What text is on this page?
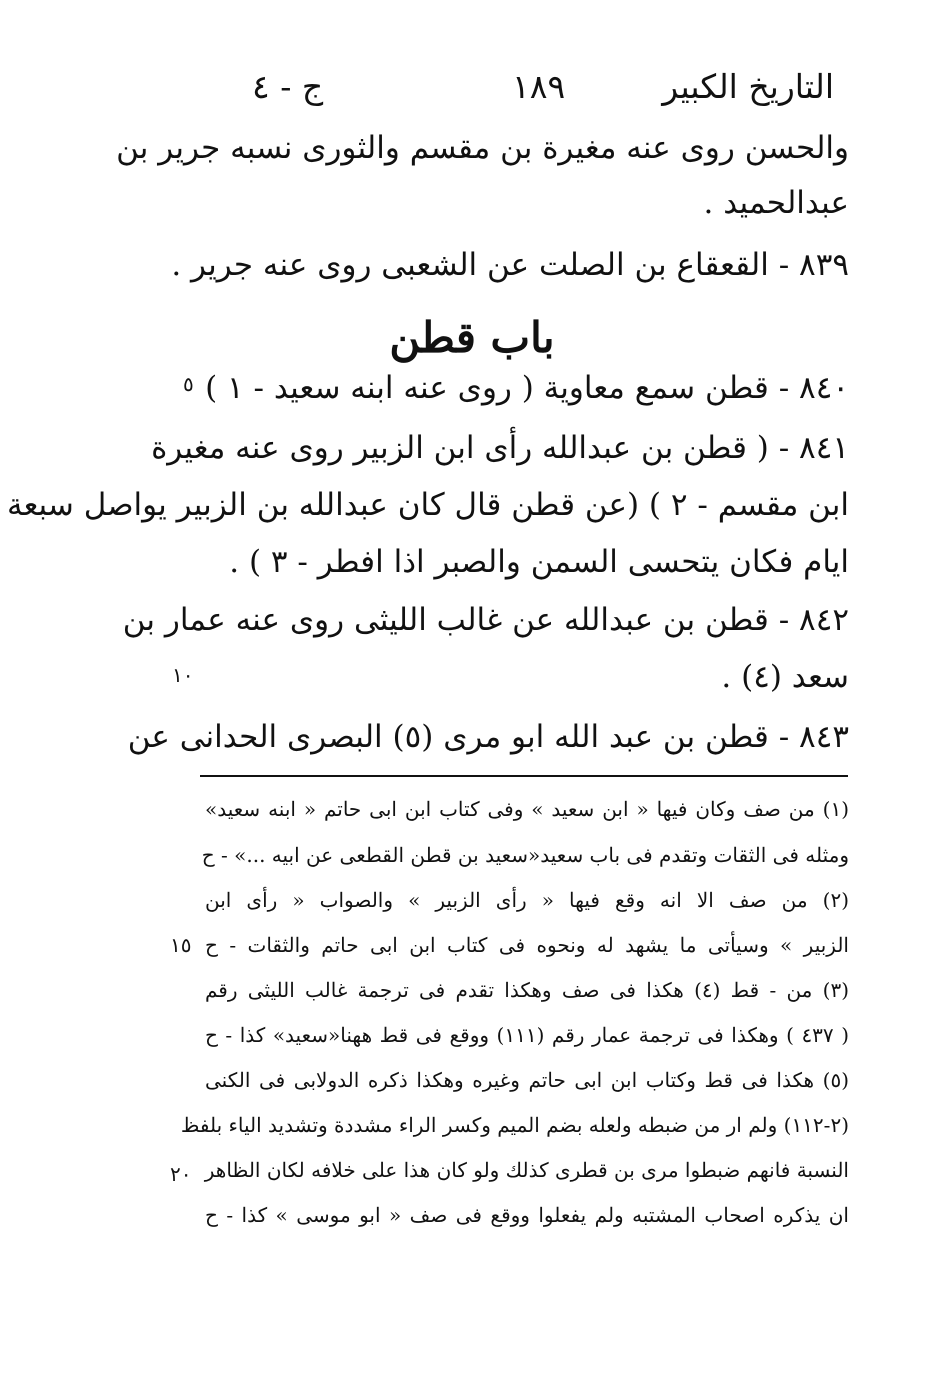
التاريخ الكبير
١٨٩
ج - ٤
والحسن روى عنه مغيرة بن مقسم والثورى نسبه جرير بن
عبدالحميد .
٨٣٩ - القعقاع بن الصلت عن الشعبى روى عنه جرير .
باب قطن
٨٤٠ - قطن سمع معاوية ( روى عنه ابنه سعيد - ١ )
٨٤١ - ( قطن بن عبدالله رأى ابن الزبير روى عنه مغيرة
ابن مقسم - ٢ ) (عن قطن قال كان عبدالله بن الزبير يواصل سبعة
ايام فكان يتحسى السمن والصبر اذا افطر - ٣ ) .
٨٤٢ - قطن بن عبدالله عن غالب الليثى روى عنه عمار بن
سعد (٤) .
٨٤٣ - قطن بن عبد الله ابو مرى (٥) البصرى الحدانى عن
٥
١٠
١٥
٢٠
(١) من صف وكان فيها « ابن سعيد » وفى كتاب ابن ابى حاتم « ابنه سعيد»
ومثله فى الثقات وتقدم فى باب سعيد«سعيد بن قطن القطعى عن ابيه ...» - ح
(٢) من صف الا انه وقع فيها « رأى الزبير » والصواب « رأى ابن
الزبير » وسيأتى ما يشهد له ونحوه فى كتاب ابن ابى حاتم والثقات - ح
(٣) من - قط (٤) هكذا فى صف وهكذا تقدم فى ترجمة غالب الليثى رقم
( ٤٣٧ ) وهكذا فى ترجمة عمار رقم (١١١) ووقع فى قط ههنا«سعيد» كذا - ح
(٥) هكذا فى قط وكتاب ابن ابى حاتم وغيره وهكذا ذكره الدولابى فى الكنى
(٢-١١٢) ولم ار من ضبطه ولعله بضم الميم وكسر الراء مشددة وتشديد الياء بلفظ
النسبة فانهم ضبطوا مرى بن قطرى كذلك ولو كان هذا على خلافه لكان الظاهر
ان يذكره اصحاب المشتبه ولم يفعلوا ووقع فى صف « ابو موسى » كذا - ح
